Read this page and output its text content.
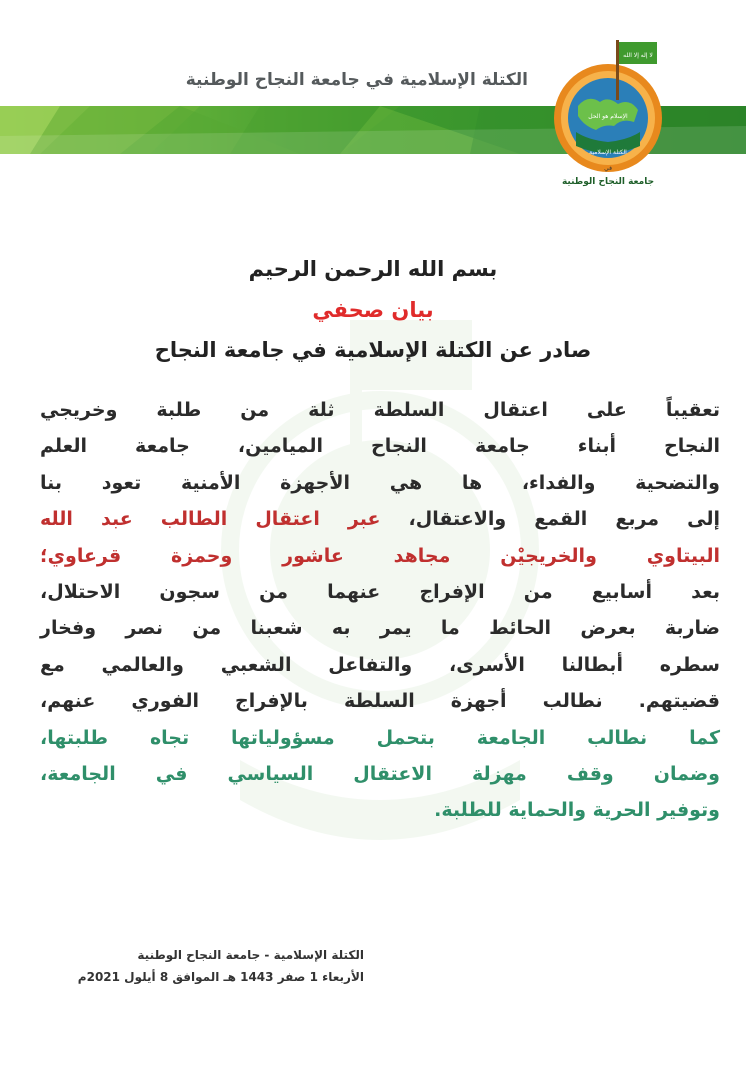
الكتلة الإسلامية في جامعة النجاح الوطنية
لا إله إلا الله
الإسلام هو الحل
الكتلة الإسلامية
في
جامعة النجاح الوطنية
بسم الله الرحمن الرحيم
بيان صحفي
صادر عن الكتلة الإسلامية في جامعة النجاح
تعقيباً على اعتقال السلطة ثلة من طلبة وخريجي
النجاح أبناء جامعة النجاح الميامين، جامعة العلم
والتضحية والفداء، ها هي الأجهزة الأمنية تعود بنا
إلى مربع القمع والاعتقال، عبر اعتقال الطالب عبد الله
البيتاوي والخريجيْن مجاهد عاشور وحمزة قرعاوي؛
بعد أسابيع من الإفراج عنهما من سجون الاحتلال،
ضاربة بعرض الحائط ما يمر به شعبنا من نصر وفخار
سطره أبطالنا الأسرى، والتفاعل الشعبي والعالمي مع
قضيتهم. نطالب أجهزة السلطة بالإفراج الفوري عنهم،
كما نطالب الجامعة بتحمل مسؤولياتها تجاه طلبتها،
وضمان وقف مهزلة الاعتقال السياسي في الجامعة،
وتوفير الحرية والحماية للطلبة.
الكتلة الإسلامية - جامعة النجاح الوطنية
الأربعاء 1 صفر 1443 هـ الموافق 8 أيلول 2021م
